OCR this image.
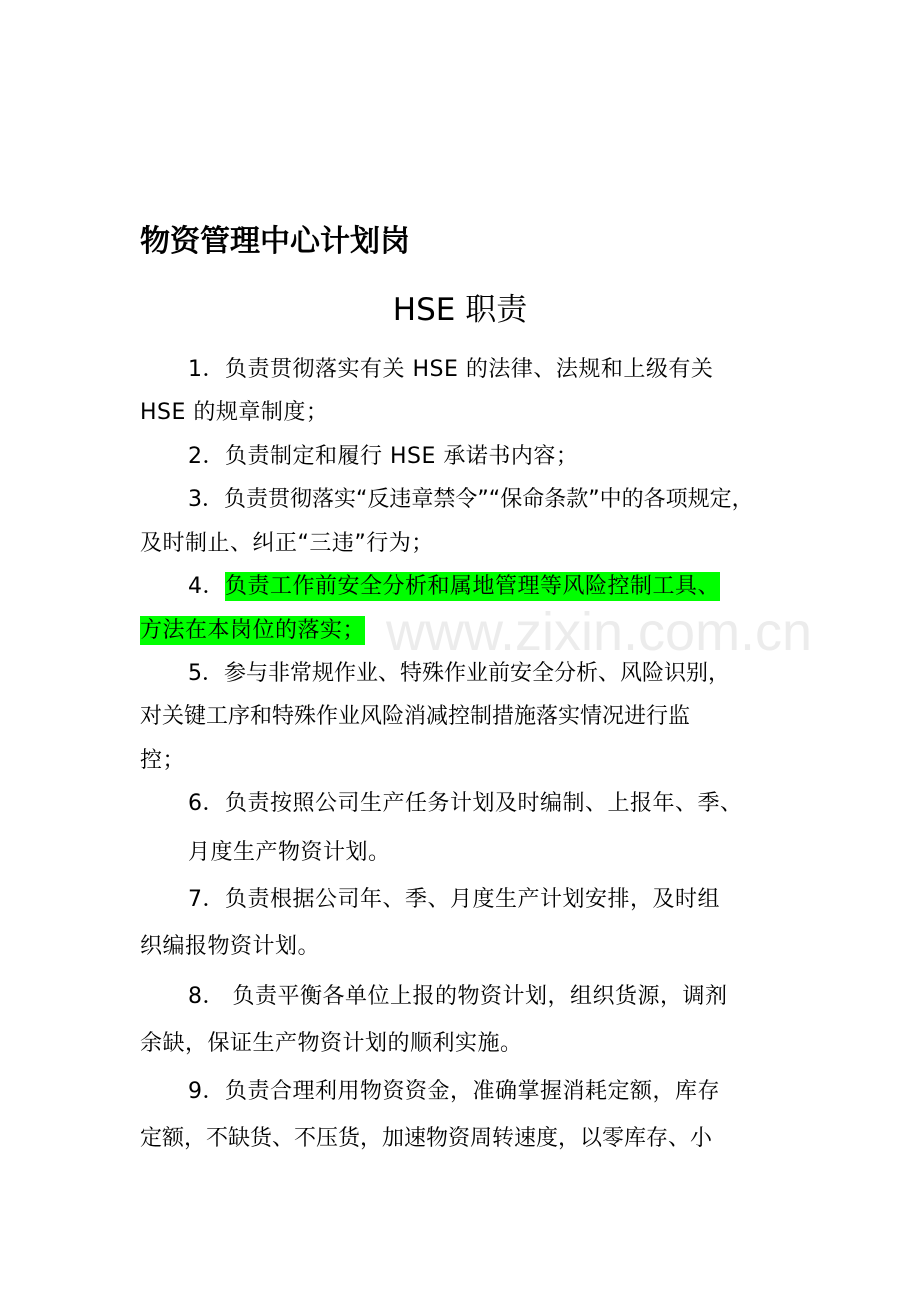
www.zixin.com.cn
物资管理中心计划岗
HSE 职责
1．负责贯彻落实有关 HSE 的法律、法规和上级有关
HSE 的规章制度；
2．负责制定和履行 HSE 承诺书内容；
3．负责贯彻落实“反违章禁令”“保命条款”中的各项规定，
及时制止、纠正“三违”行为；
4．负责工作前安全分析和属地管理等风险控制工具、
方法在本岗位的落实；
5．参与非常规作业、特殊作业前安全分析、风险识别，
对关键工序和特殊作业风险消减控制措施落实情况进行监
控；
6．负责按照公司生产任务计划及时编制、上报年、季、
月度生产物资计划。
7．负责根据公司年、季、月度生产计划安排，及时组
织编报物资计划。
8． 负责平衡各单位上报的物资计划，组织货源，调剂
余缺，保证生产物资计划的顺利实施。
9．负责合理利用物资资金，准确掌握消耗定额，库存
定额，不缺货、不压货，加速物资周转速度，以零库存、小
